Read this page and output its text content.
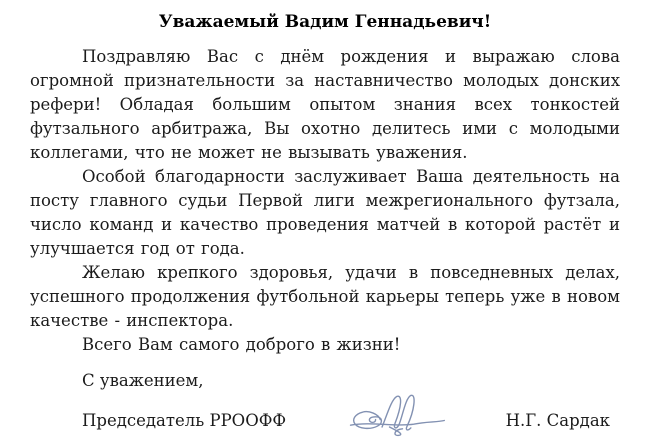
Уважаемый Вадим Геннадьевич!

Поздравляю Вас с днём рождения и выражаю слова огромной признательности за наставничество молодых донских рефери! Обладая большим опытом знания всех тонкостей футзального арбитража, Вы охотно делитесь ими с молодыми коллегами, что не может не вызывать уважения.

Особой благодарности заслуживает Ваша деятельность на посту главного судьи Первой лиги межрегионального футзала, число команд и качество проведения матчей в которой растёт и улучшается год от года.

Желаю крепкого здоровья, удачи в повседневных делах, успешного продолжения футбольной карьеры теперь уже в новом качестве - инспектора.

Всего Вам самого доброго в жизни!

С уважением,
Председатель РРООФФ	Н.Г. Сардак
